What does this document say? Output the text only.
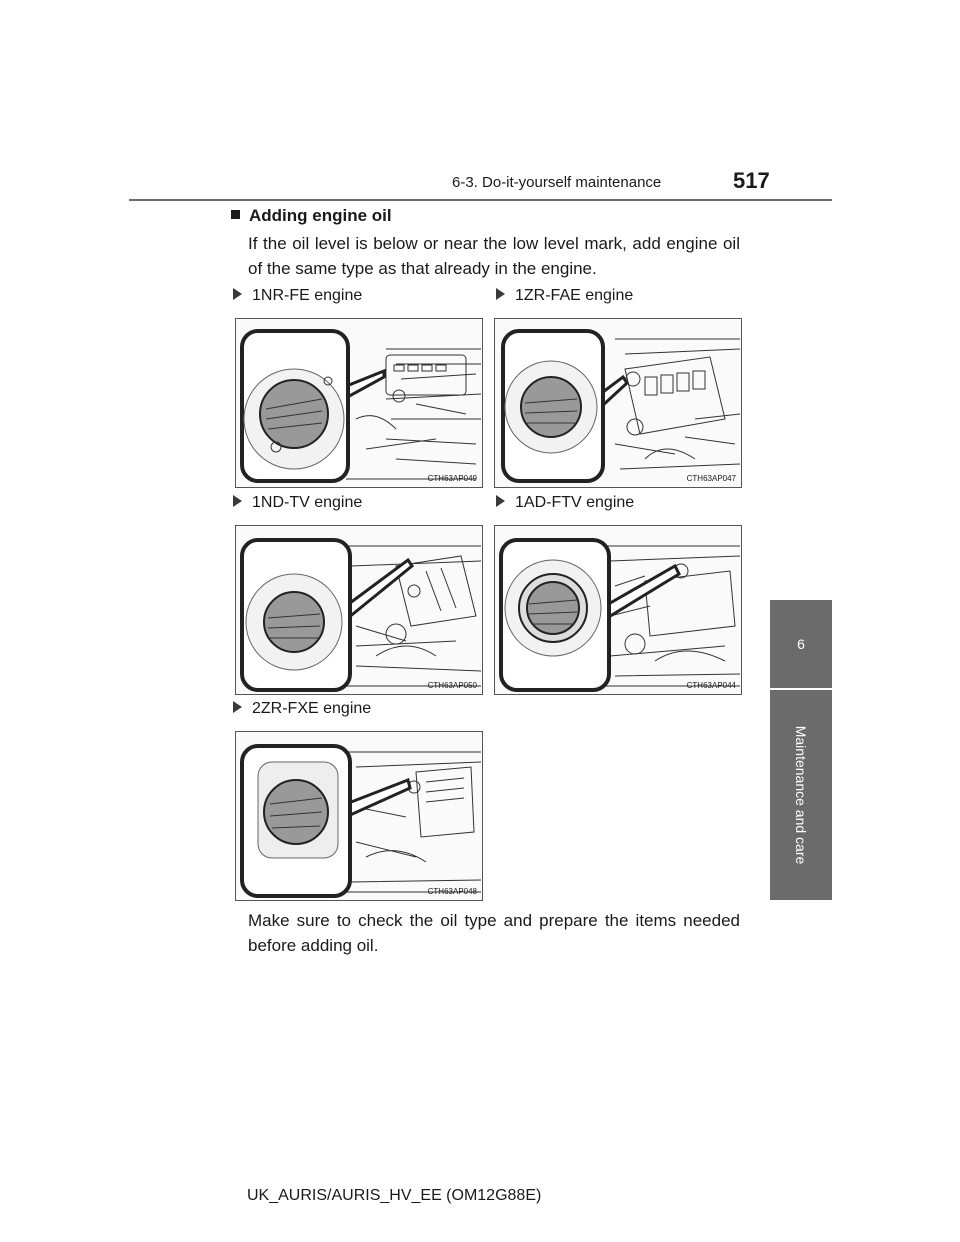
6-3. Do-it-yourself maintenance	517
6
Maintenance and care
Adding engine oil
If the oil level is below or near the low level mark, add engine oil of the same type as that already in the engine.
1NR-FE engine	1ZR-FAE engine
1ND-TV engine	1AD-FTV engine
2ZR-FXE engine
CTH63AP049	CTH63AP047
CTH63AP050	CTH63AP044
CTH63AP048
Make sure to check the oil type and prepare the items needed before adding oil.
UK_AURIS/AURIS_HV_EE (OM12G88E)
